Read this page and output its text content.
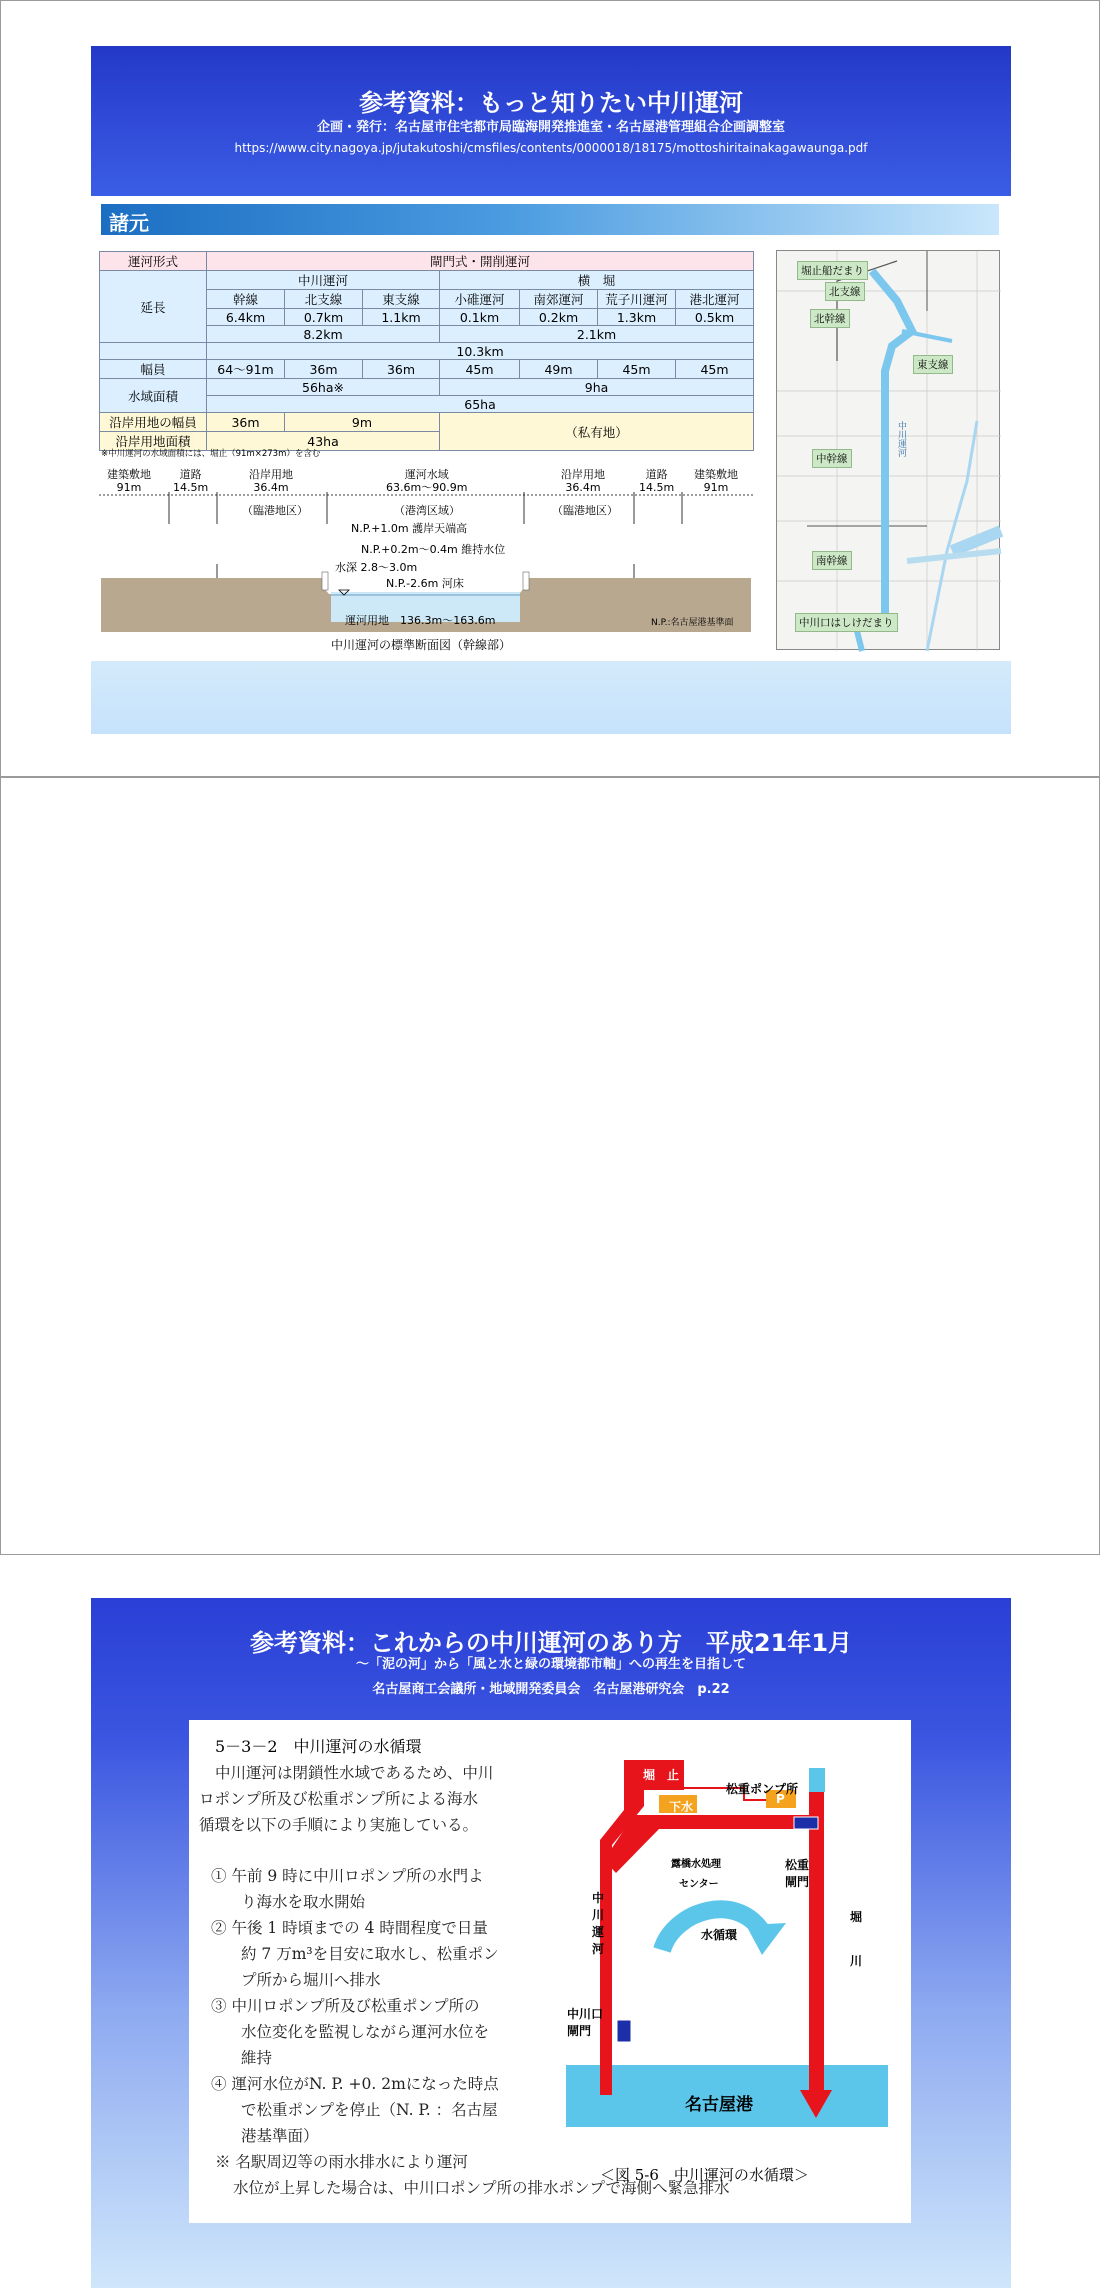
参考資料：もっと知りたい中川運河
企画・発行：名古屋市住宅都市局臨海開発推進室・名古屋港管理組合企画調整室
https://www.city.nagoya.jp/jutakutoshi/cmsfiles/contents/0000018/18175/mottoshiritainakagawaunga.pdf
諸元
運河形式	閘門式・開削運河						
延長	中川運河			横　堀			
	幹線	北支線	東支線	小碓運河	南郊運河	荒子川運河	港北運河
	6.4km	0.7km	1.1km	0.1km	0.2km	1.3km	0.5km
	8.2km			2.1km			
	10.3km						
幅員	64～91m	36m	36m	45m	49m	45m	45m
水域面積	56ha※			9ha			
	65ha						
沿岸用地の幅員	36m	9m		（私有地）			
沿岸用地面積	43ha						
※中川運河の水域面積には、堀止（91m×273m）を含む
建築敷地
91m
道路
14.5m
沿岸用地
36.4m
運河水域
63.6m～90.9m
沿岸用地
36.4m
道路
14.5m
建築敷地
91m
（臨港地区）	（港湾区域）	（臨港地区）
N.P.+1.0m 護岸天端高
N.P.+0.2m～0.4m 維持水位
水深 2.8～3.0m
N.P.-2.6m 河床
運河用地　136.3m～163.6m	N.P.:名古屋港基準面
中川運河の標準断面図（幹線部）
堀止船だまり
北支線
北幹線
東支線
中幹線
南幹線
中川口はしけだまり
中川運河
参考資料：これからの中川運河のあり方　平成21年1月
～「泥の河」から「風と水と緑の環境都市軸」への再生を目指して
名古屋商工会議所・地域開発委員会　名古屋港研究会　p.22
5－3－2　中川運河の水循環
中川運河は閉鎖性水域であるため、中川
ロポンプ所及び松重ポンプ所による海水
循環を以下の手順により実施している。
① 午前 9 時に中川ロポンプ所の水門よ
り海水を取水開始
② 午後 1 時頃までの 4 時間程度で日量
約 7 万m³を目安に取水し、松重ポン
プ所から堀川へ排水
③ 中川ロポンプ所及び松重ポンプ所の
水位変化を監視しながら運河水位を
維持
④ 運河水位がN. P. +0. 2mになった時点
で松重ポンプを停止（N. P. ：名古屋
港基準面）
※ 名駅周辺等の雨水排水により運河
水位が上昇した場合は、中川口ポンプ所の排水ポンプで海側へ緊急排水
堀　止
松重ポンプ所
P
下水
露橋水処理
センター
松重
閘門
中川運河
水循環
堀川
中川口
閘門
名古屋港
＜図 5-6　中川運河の水循環＞
